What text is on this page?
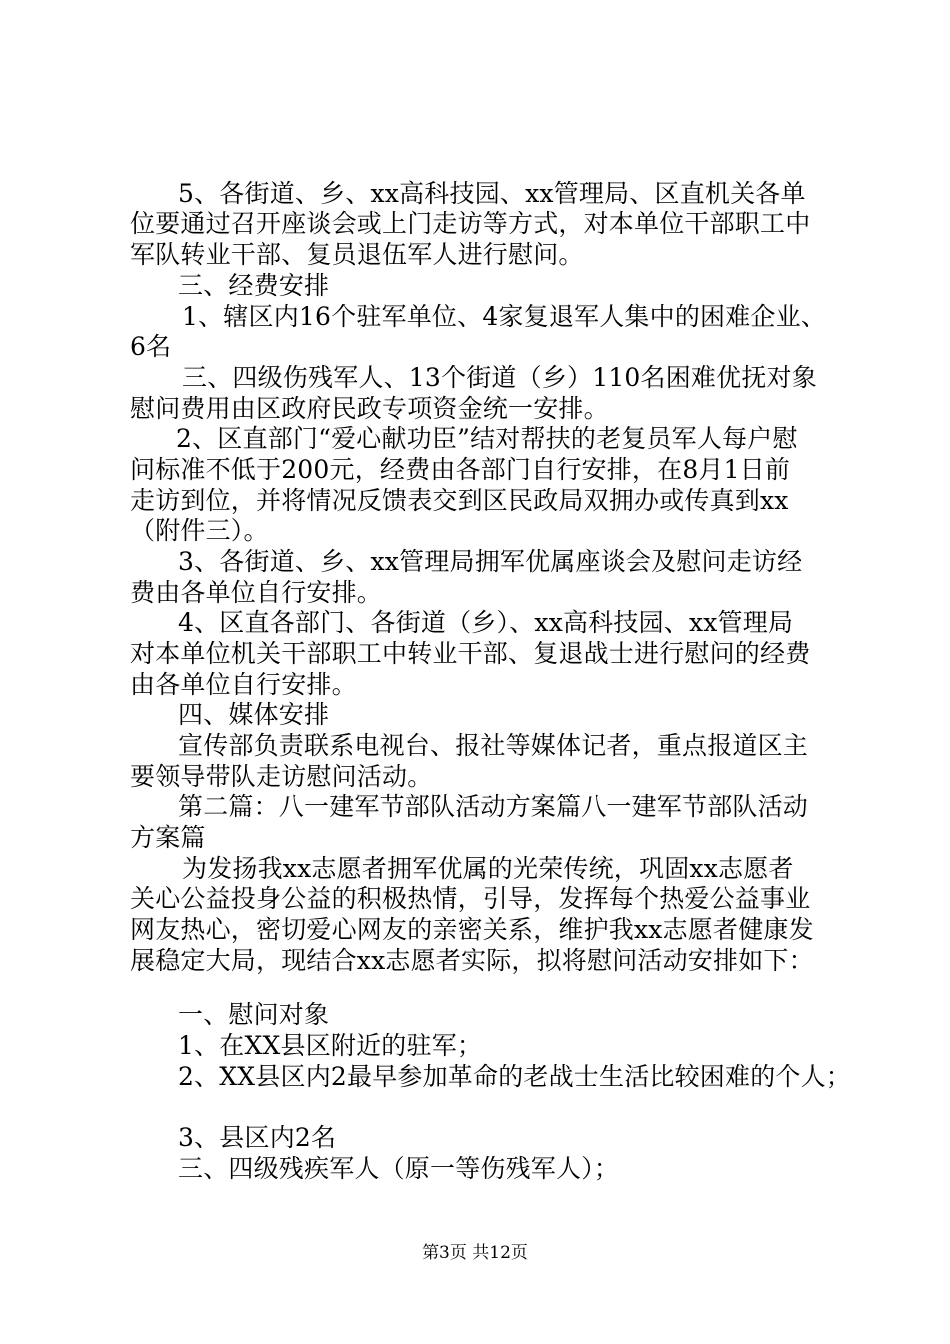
5、各街道、乡、xx高科技园、xx管理局、区直机关各单
位要通过召开座谈会或上门走访等方式，对本单位干部职工中
军队转业干部、复员退伍军人进行慰问。
三、经费安排
1、辖区内16个驻军单位、4家复退军人集中的困难企业、
6名
三、四级伤残军人、13个街道（乡）110名困难优抚对象
慰问费用由区政府民政专项资金统一安排。
2、区直部门“爱心献功臣”结对帮扶的老复员军人每户慰
问标准不低于200元，经费由各部门自行安排，在8月1日前
走访到位，并将情况反馈表交到区民政局双拥办或传真到xx
（附件三）。
3、各街道、乡、xx管理局拥军优属座谈会及慰问走访经
费由各单位自行安排。
4、区直各部门、各街道（乡）、xx高科技园、xx管理局
对本单位机关干部职工中转业干部、复退战士进行慰问的经费
由各单位自行安排。
四、媒体安排
宣传部负责联系电视台、报社等媒体记者，重点报道区主
要领导带队走访慰问活动。
第二篇：八一建军节部队活动方案篇八一建军节部队活动
方案篇
为发扬我xx志愿者拥军优属的光荣传统，巩固xx志愿者
关心公益投身公益的积极热情，引导，发挥每个热爱公益事业
网友热心，密切爱心网友的亲密关系，维护我xx志愿者健康发
展稳定大局，现结合xx志愿者实际，拟将慰问活动安排如下：
一、慰问对象
1、在XX县区附近的驻军；
2、XX县区内2最早参加革命的老战士生活比较困难的个人；
3、县区内2名
三、四级残疾军人（原一等伤残军人）；
第3页 共12页
